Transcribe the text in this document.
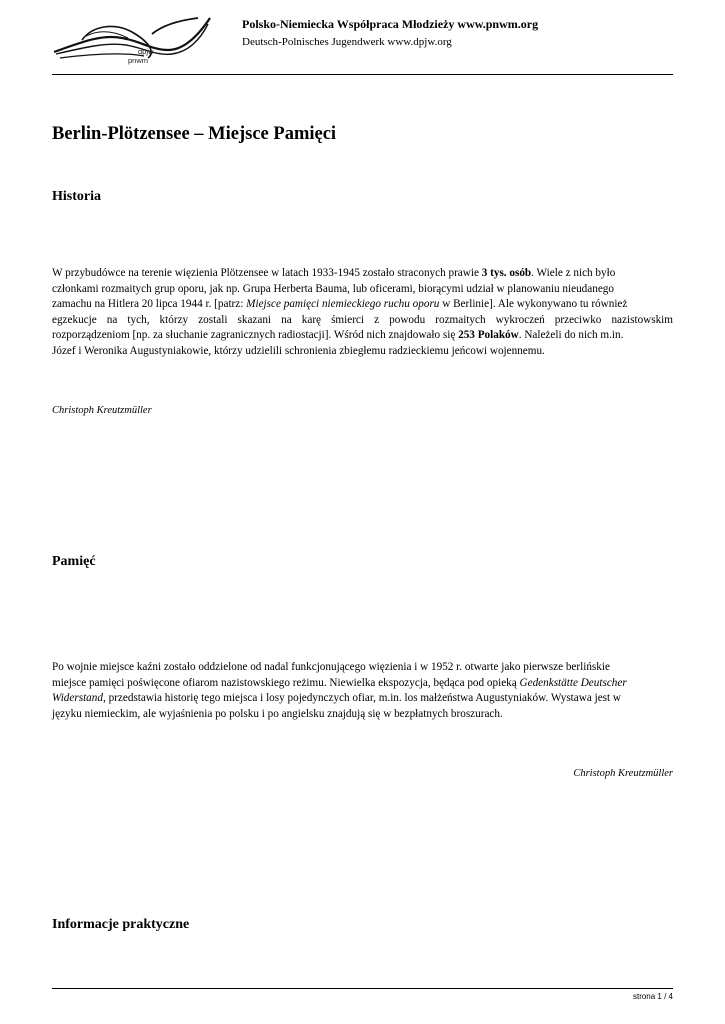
dpjw
pnwm
Polsko-Niemiecka Współpraca Młodzieży www.pnwm.org
Deutsch-Polnisches Jugendwerk www.dpjw.org
Berlin-Plötzensee – Miejsce Pamięci
Historia
W przybudówce na terenie więzienia Plötzensee w latach 1933-1945 zostało straconych prawie 3 tys. osób. Wiele z nich było
członkami rozmaitych grup oporu, jak np. Grupa Herberta Bauma, lub oficerami, biorącymi udział w planowaniu nieudanego
zamachu na Hitlera 20 lipca 1944 r. [patrz: Miejsce pamięci niemieckiego ruchu oporu w Berlinie]. Ale wykonywano tu również
egzekucje na tych, którzy zostali skazani na karę śmierci z powodu rozmaitych wykroczeń przeciwko nazistowskim
rozporządzeniom [np. za słuchanie zagranicznych radiostacji]. Wśród nich znajdowało się 253 Polaków. Należeli do nich m.in.
Józef i Weronika Augustyniakowie, którzy udzielili schronienia zbiegłemu radzieckiemu jeńcowi wojennemu.
Christoph Kreutzmüller
Pamięć
Po wojnie miejsce kaźni zostało oddzielone od nadal funkcjonującego więzienia i w 1952 r. otwarte jako pierwsze berlińskie
miejsce pamięci poświęcone ofiarom nazistowskiego reżimu. Niewielka ekspozycja, będąca pod opieką Gedenkstätte Deutscher
Widerstand, przedstawia historię tego miejsca i losy pojedynczych ofiar, m.in. los małżeństwa Augustyniaków. Wystawa jest w
języku niemieckim, ale wyjaśnienia po polsku i po angielsku znajdują się w bezpłatnych broszurach.
Christoph Kreutzmüller
Informacje praktyczne
strona 1 / 4
